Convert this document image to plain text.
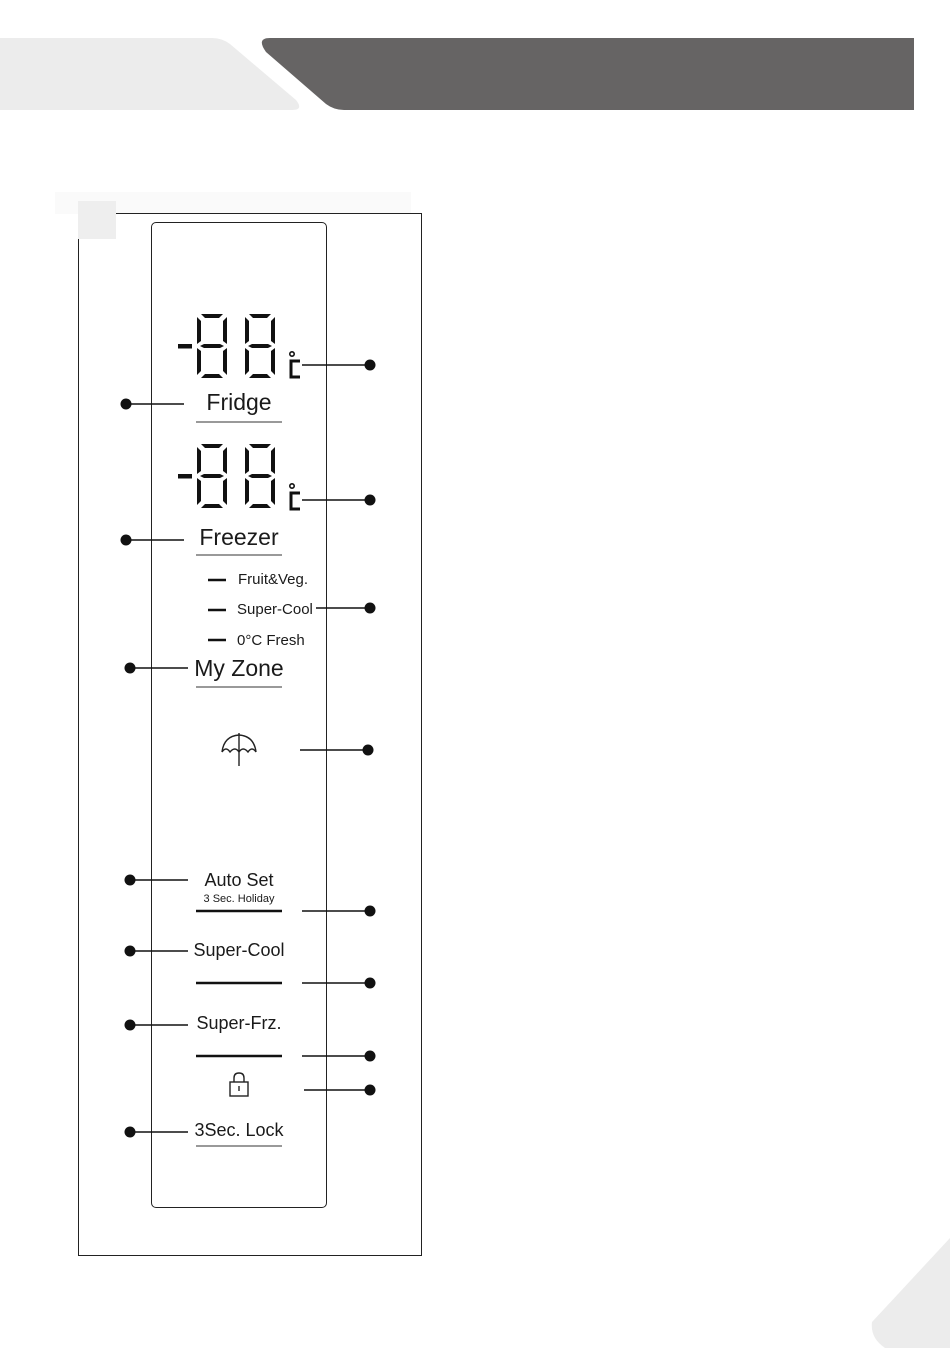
Fridge
Freezer
Fruit&Veg.
Super-Cool
0°C Fresh
My Zone
Auto Set
3 Sec. Holiday
Super-Cool
Super-Frz.
3Sec. Lock
